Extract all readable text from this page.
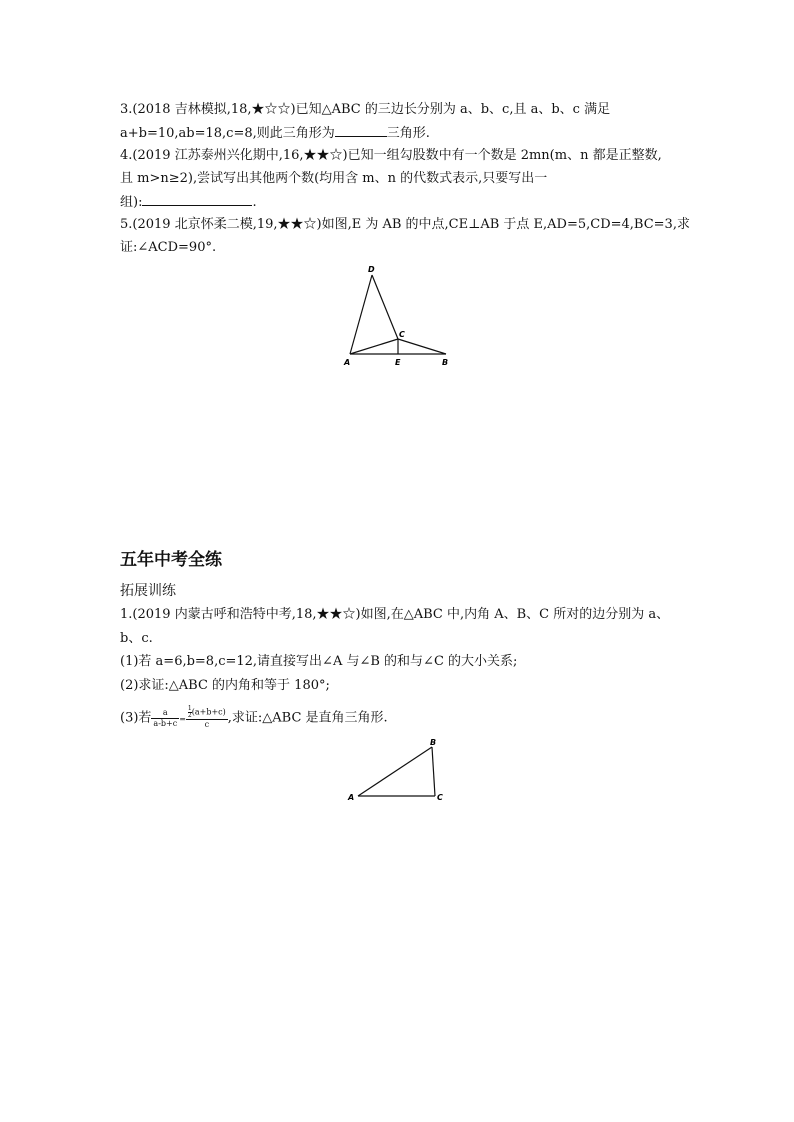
3.(2018 吉林模拟,18,★☆☆)已知△ABC 的三边长分别为 a、b、c,且 a、b、c 满足
a+b=10,ab=18,c=8,则此三角形为	三角形.
4.(2019 江苏泰州兴化期中,16,★★☆)已知一组勾股数中有一个数是 2mn(m、n 都是正整数,
且 m>n≥2),尝试写出其他两个数(均用含 m、n 的代数式表示,只要写出一
组):	.
5.(2019 北京怀柔二模,19,★★☆)如图,E 为 AB 的中点,CE⊥AB 于点 E,AD=5,CD=4,BC=3,求
证:∠ACD=90°.
D
C
A	E	B
五年中考全练
拓展训练
1.(2019 内蒙古呼和浩特中考,18,★★☆)如图,在△ABC 中,内角 A、B、C 所对的边分别为 a、
b、c.
(1)若 a=6,b=8,c=12,请直接写出∠A 与∠B 的和与∠C 的大小关系;
(2)求证:△ABC 的内角和等于 180°;
(3)若 $\frac{a}{a-b+c} = \frac{\frac{1}{2}(a+b+c)}{c}$ ,求证:△ABC 是直角三角形.
B
A	C
